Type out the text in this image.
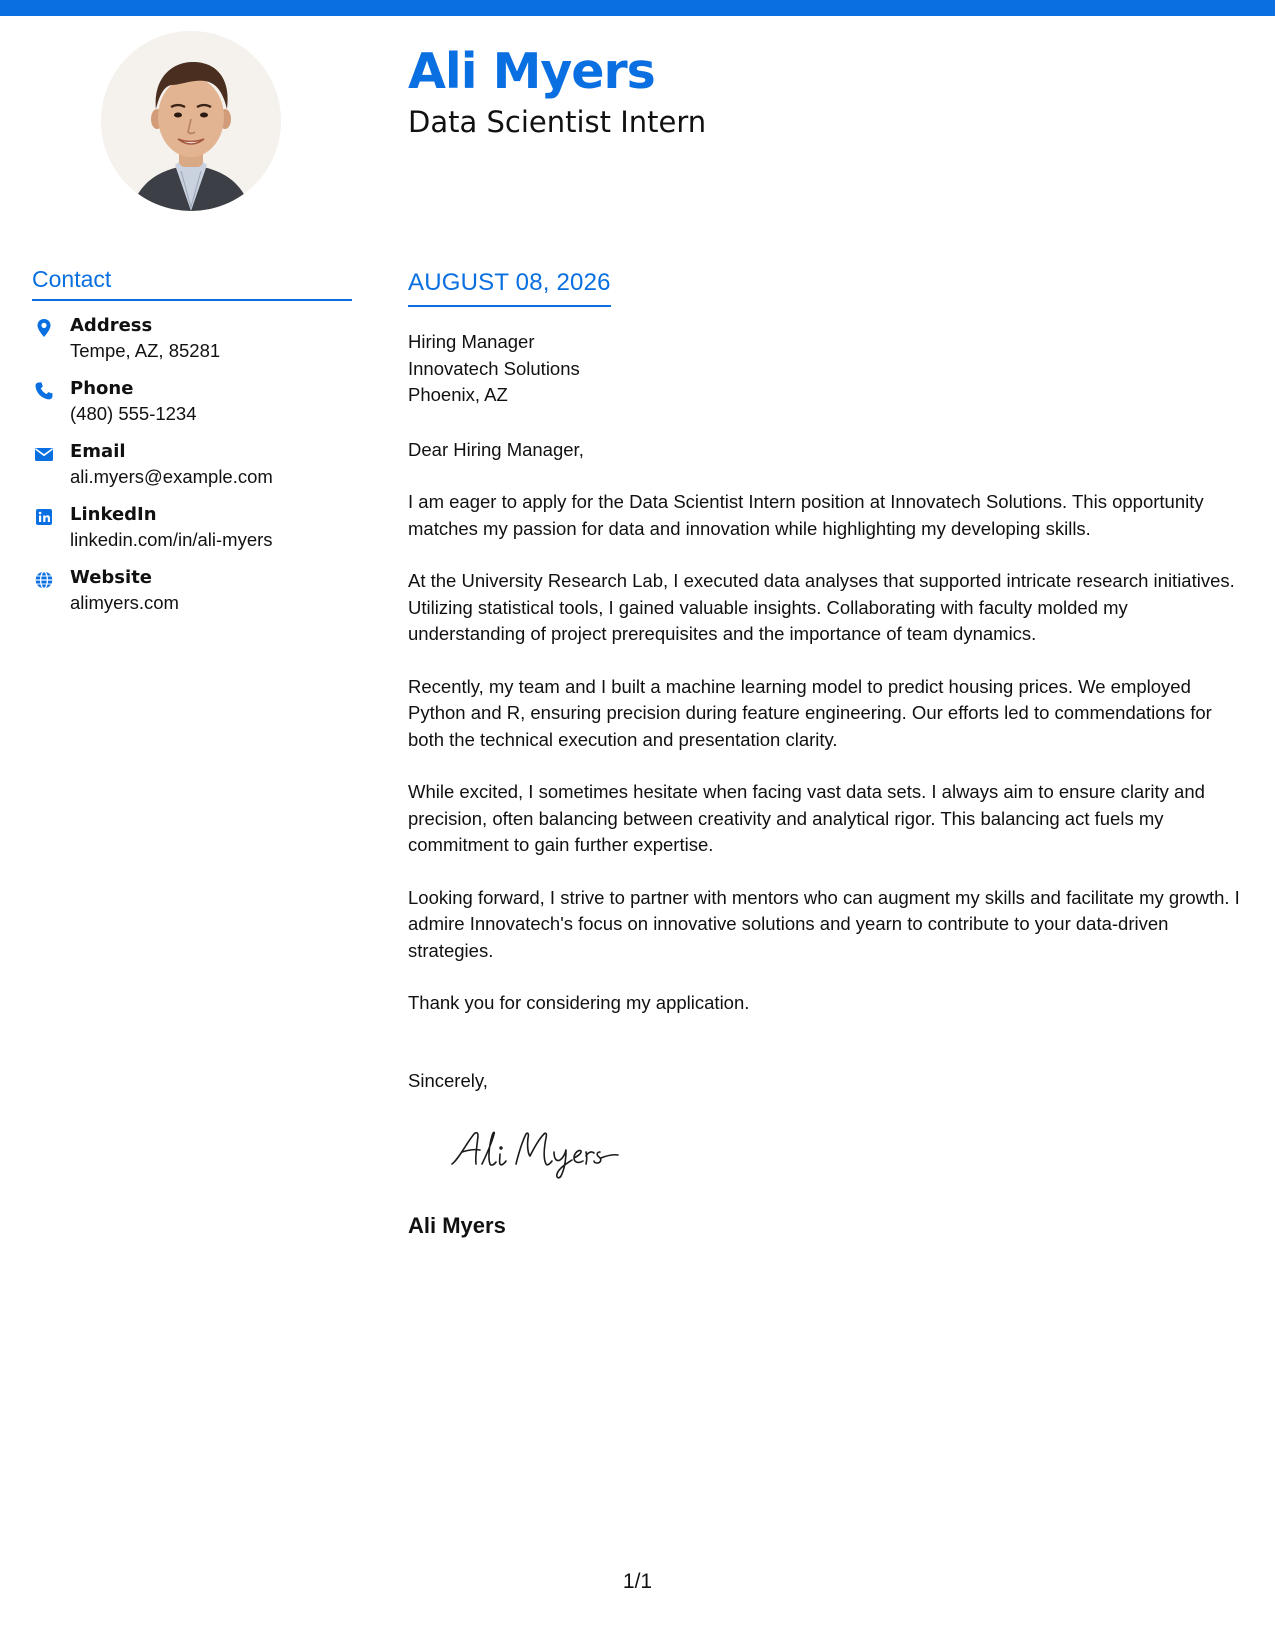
Ali Myers
Data Scientist Intern
Contact
Address
Tempe, AZ, 85281
Phone
(480) 555-1234
Email
ali.myers@example.com
LinkedIn
linkedin.com/in/ali-myers
Website
alimyers.com
AUGUST 08, 2026
Hiring Manager
Innovatech Solutions
Phoenix, AZ

Dear Hiring Manager,

I am eager to apply for the Data Scientist Intern position at Innovatech Solutions. This opportunity matches my passion for data and innovation while highlighting my developing skills.

At the University Research Lab, I executed data analyses that supported intricate research initiatives. Utilizing statistical tools, I gained valuable insights. Collaborating with faculty molded my understanding of project prerequisites and the importance of team dynamics.

Recently, my team and I built a machine learning model to predict housing prices. We employed Python and R, ensuring precision during feature engineering. Our efforts led to commendations for both the technical execution and presentation clarity.

While excited, I sometimes hesitate when facing vast data sets. I always aim to ensure clarity and precision, often balancing between creativity and analytical rigor. This balancing act fuels my commitment to gain further expertise.

Looking forward, I strive to partner with mentors who can augment my skills and facilitate my growth. I admire Innovatech's focus on innovative solutions and yearn to contribute to your data-driven strategies.

Thank you for considering my application.

Sincerely,

Ali Myers

1/1
